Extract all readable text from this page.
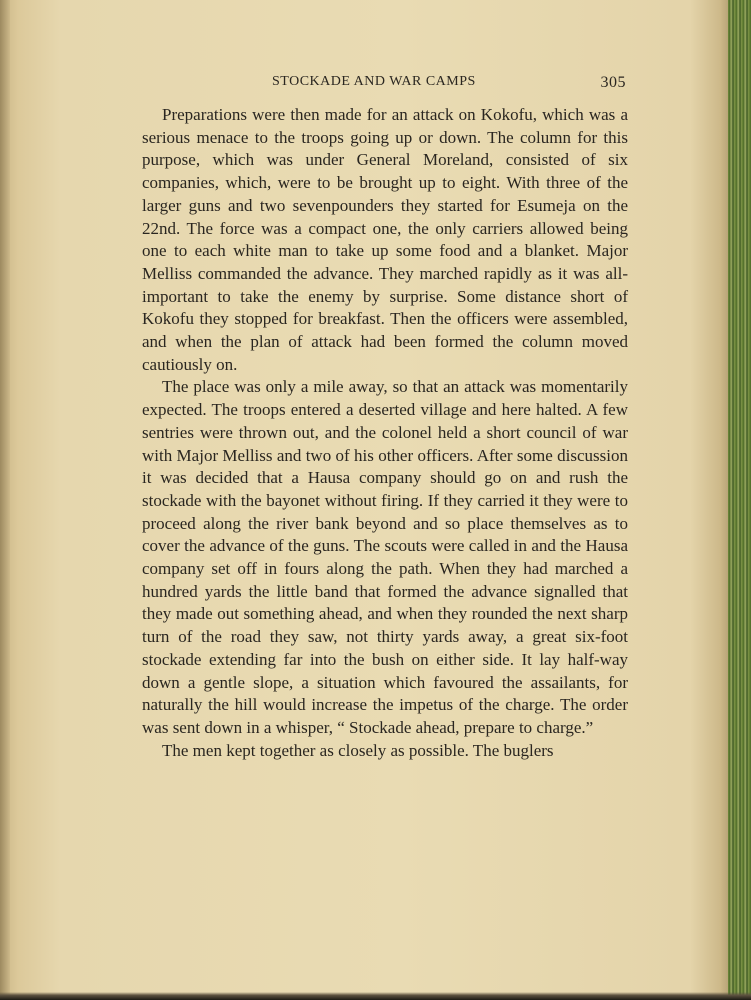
STOCKADE AND WAR CAMPS	305

Preparations were then made for an attack on Kokofu, which was a serious menace to the troops going up or down. The column for this purpose, which was under General Moreland, consisted of six companies, which, were to be brought up to eight. With three of the larger guns and two sevenpounders they started for Esumeja on the 22nd. The force was a compact one, the only carriers allowed being one to each white man to take up some food and a blanket. Major Melliss commanded the advance. They marched rapidly as it was all-important to take the enemy by surprise. Some distance short of Kokofu they stopped for breakfast. Then the officers were assembled, and when the plan of attack had been formed the column moved cautiously on.

The place was only a mile away, so that an attack was momentarily expected. The troops entered a deserted village and here halted. A few sentries were thrown out, and the colonel held a short council of war with Major Melliss and two of his other officers. After some discussion it was decided that a Hausa company should go on and rush the stockade with the bayonet without firing. If they carried it they were to proceed along the river bank beyond and so place themselves as to cover the advance of the guns. The scouts were called in and the Hausa company set off in fours along the path. When they had marched a hundred yards the little band that formed the advance signalled that they made out something ahead, and when they rounded the next sharp turn of the road they saw, not thirty yards away, a great six-foot stockade extending far into the bush on either side. It lay half-way down a gentle slope, a situation which favoured the assailants, for naturally the hill would increase the impetus of the charge. The order was sent down in a whisper, “ Stockade ahead, prepare to charge.”

The men kept together as closely as possible. The buglers
